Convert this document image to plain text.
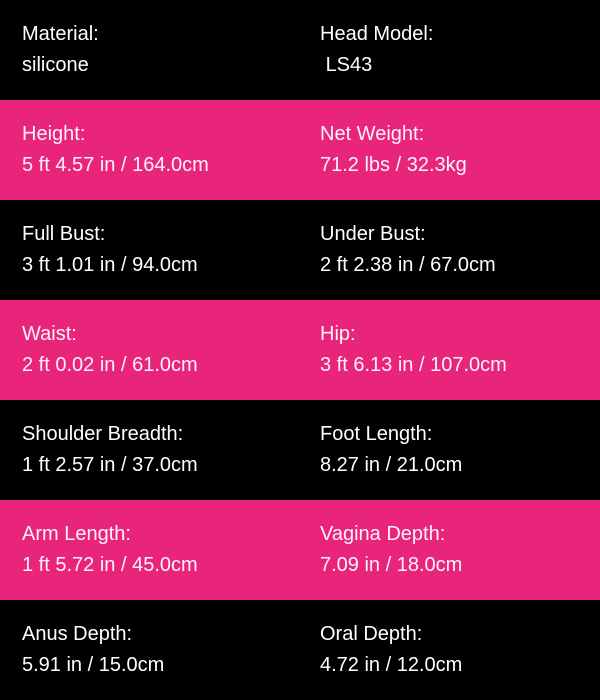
Material:
silicone
Head Model:
LS43
Height:
5 ft 4.57 in / 164.0cm
Net Weight:
71.2 lbs / 32.3kg
Full Bust:
3 ft 1.01 in / 94.0cm
Under Bust:
2 ft 2.38 in / 67.0cm
Waist:
2 ft 0.02 in / 61.0cm
Hip:
3 ft 6.13 in / 107.0cm
Shoulder Breadth:
1 ft 2.57 in / 37.0cm
Foot Length:
8.27 in / 21.0cm
Arm Length:
1 ft 5.72 in / 45.0cm
Vagina Depth:
7.09 in / 18.0cm
Anus Depth:
5.91 in / 15.0cm
Oral Depth:
4.72 in / 12.0cm
